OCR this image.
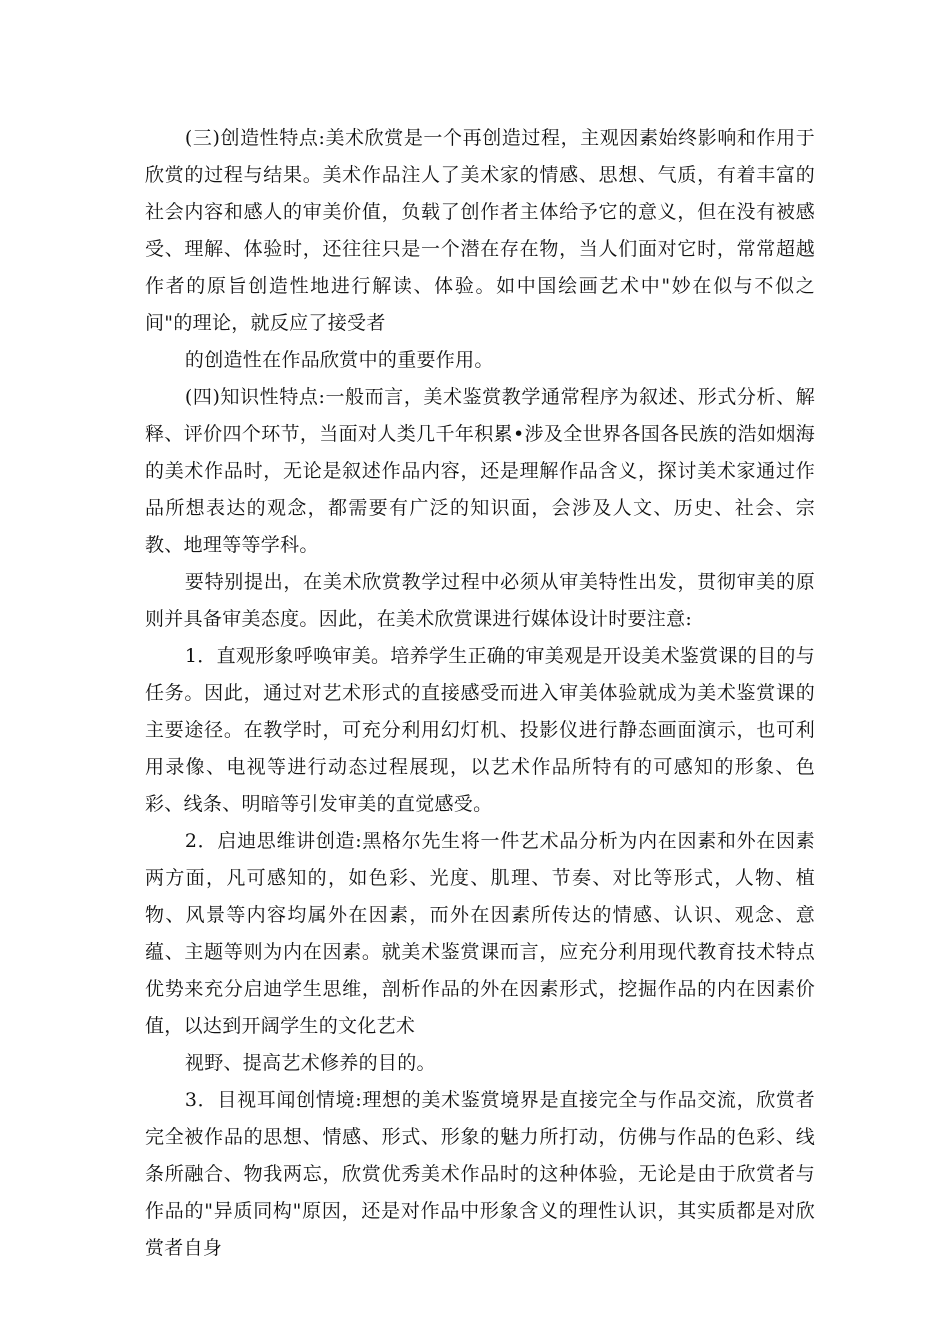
(三)创造性特点:美术欣赏是一个再创造过程，主观因素始终影响和作用于欣赏的过程与结果。美术作品注人了美术家的情感、思想、气质，有着丰富的社会内容和感人的审美价值，负载了创作者主体给予它的意义，但在没有被感受、理解、体验时，还往往只是一个潜在存在物，当人们面对它时，常常超越作者的原旨创造性地进行解读、体验。如中国绘画艺术中"妙在似与不似之间"的理论，就反应了接受者

的创造性在作品欣赏中的重要作用。

(四)知识性特点:一般而言，美术鉴赏教学通常程序为叙述、形式分析、解释、评价四个环节，当面对人类几千年积累•涉及全世界各国各民族的浩如烟海的美术作品时，无论是叙述作品内容，还是理解作品含义，探讨美术家通过作品所想表达的观念，都需要有广泛的知识面，会涉及人文、历史、社会、宗教、地理等等学科。

要特别提出，在美术欣赏教学过程中必须从审美特性出发，贯彻审美的原则并具备审美态度。因此，在美术欣赏课进行媒体设计时要注意:

1．直观形象呼唤审美。培养学生正确的审美观是开设美术鉴赏课的目的与任务。因此，通过对艺术形式的直接感受而进入审美体验就成为美术鉴赏课的主要途径。在教学时，可充分利用幻灯机、投影仪进行静态画面演示，也可利用录像、电视等进行动态过程展现，以艺术作品所特有的可感知的形象、色彩、线条、明暗等引发审美的直觉感受。

2．启迪思维讲创造:黑格尔先生将一件艺术品分析为内在因素和外在因素两方面，凡可感知的，如色彩、光度、肌理、节奏、对比等形式，人物、植物、风景等内容均属外在因素，而外在因素所传达的情感、认识、观念、意蕴、主题等则为内在因素。就美术鉴赏课而言，应充分利用现代教育技术特点优势来充分启迪学生思维，剖析作品的外在因素形式，挖掘作品的内在因素价值，以达到开阔学生的文化艺术

视野、提高艺术修养的目的。

3．目视耳闻创情境:理想的美术鉴赏境界是直接完全与作品交流，欣赏者完全被作品的思想、情感、形式、形象的魅力所打动，仿佛与作品的色彩、线条所融合、物我两忘，欣赏优秀美术作品时的这种体验，无论是由于欣赏者与作品的"异质同构"原因，还是对作品中形象含义的理性认识，其实质都是对欣赏者自身
